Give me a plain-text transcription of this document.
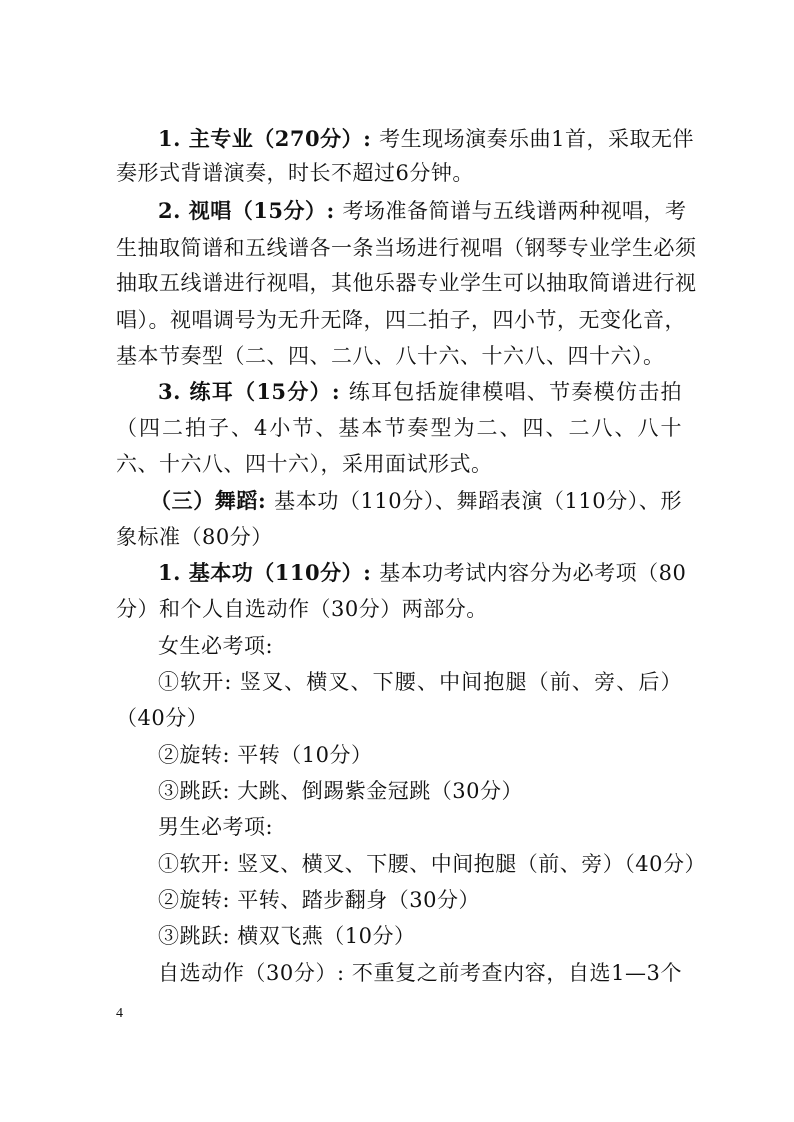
1. 主专业（270分）: 考生现场演奏乐曲1首，采取无伴
奏形式背谱演奏，时长不超过6分钟。
2. 视唱（15分）: 考场准备简谱与五线谱两种视唱，考
生抽取简谱和五线谱各一条当场进行视唱（钢琴专业学生必须
抽取五线谱进行视唱，其他乐器专业学生可以抽取简谱进行视
唱）。视唱调号为无升无降，四二拍子，四小节，无变化音，
基本节奏型（二、四、二八、八十六、十六八、四十六）。
3. 练耳（15分）: 练耳包括旋律模唱、节奏模仿击拍
（四二拍子、4小节、基本节奏型为二、四、二八、八十
六、十六八、四十六），采用面试形式。
（三）舞蹈: 基本功（110分）、舞蹈表演（110分）、形
象标准（80分）
1. 基本功（110分）: 基本功考试内容分为必考项（80
分）和个人自选动作（30分）两部分。
女生必考项:
①软开: 竖叉、横叉、下腰、中间抱腿（前、旁、后）
（40分）
②旋转: 平转（10分）
③跳跃: 大跳、倒踢紫金冠跳（30分）
男生必考项:
①软开: 竖叉、横叉、下腰、中间抱腿（前、旁）（40分）
②旋转: 平转、踏步翻身（30分）
③跳跃: 横双飞燕（10分）
自选动作（30分）: 不重复之前考查内容，自选1—3个
4
